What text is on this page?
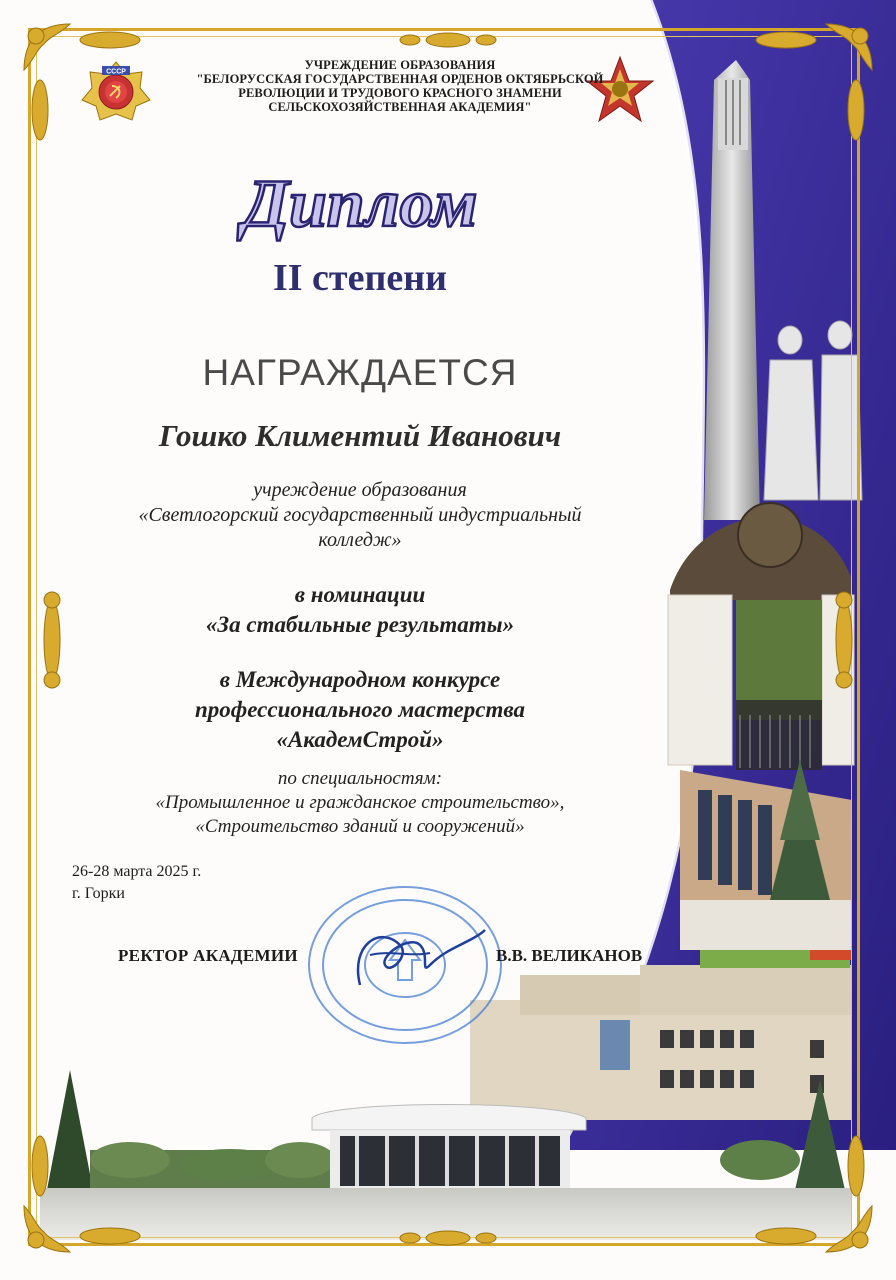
СССР	УЧРЕЖДЕНИЕ ОБРАЗОВАНИЯ
"БЕЛОРУССКАЯ ГОСУДАРСТВЕННАЯ ОРДЕНОВ ОКТЯБРЬСКОЙ
РЕВОЛЮЦИИ И ТРУДОВОГО КРАСНОГО ЗНАМЕНИ
СЕЛЬСКОХОЗЯЙСТВЕННАЯ АКАДЕМИЯ"
Диплом
II степени
НАГРАЖДАЕТСЯ
Гошко Климентий Иванович
учреждение образования
«Светлогорский государственный индустриальный
колледж»
в номинации
«За стабильные результаты»
в Международном конкурсе
профессионального мастерства
«АкадемСтрой»
по специальностям:
«Промышленное и гражданское строительство»,
«Строительство зданий и сооружений»
26-28 марта 2025 г.
г. Горки
РЕКТОР АКАДЕМИИ	В.В. ВЕЛИКАНОВ
